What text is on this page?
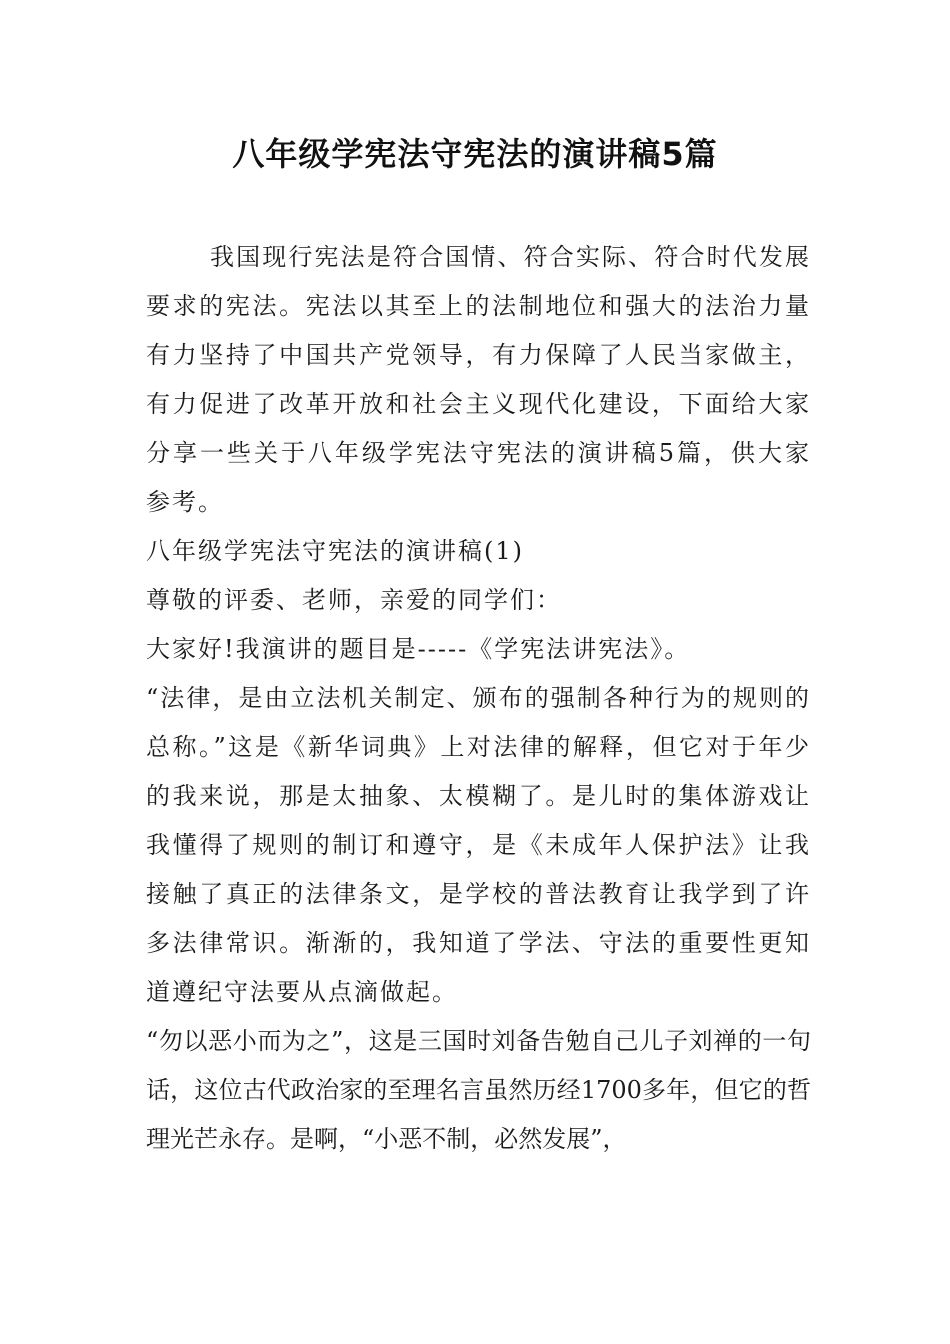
八年级学宪法守宪法的演讲稿5篇

我国现行宪法是符合国情、符合实际、符合时代发展要求的宪法。宪法以其至上的法制地位和强大的法治力量有力坚持了中国共产党领导，有力保障了人民当家做主，有力促进了改革开放和社会主义现代化建设，下面给大家分享一些关于八年级学宪法守宪法的演讲稿5篇，供大家参考。

八年级学宪法守宪法的演讲稿(1)

尊敬的评委、老师，亲爱的同学们：

大家好!我演讲的题目是-----《学宪法讲宪法》。

“法律，是由立法机关制定、颁布的强制各种行为的规则的总称。”这是《新华词典》上对法律的解释，但它对于年少的我来说，那是太抽象、太模糊了。是儿时的集体游戏让我懂得了规则的制订和遵守，是《未成年人保护法》让我接触了真正的法律条文，是学校的普法教育让我学到了许多法律常识。渐渐的，我知道了学法、守法的重要性更知道遵纪守法要从点滴做起。

“勿以恶小而为之”，这是三国时刘备告勉自己儿子刘禅的一句话，这位古代政治家的至理名言虽然历经1700多年，但它的哲理光芒永存。是啊，“小恶不制，必然发展”，
